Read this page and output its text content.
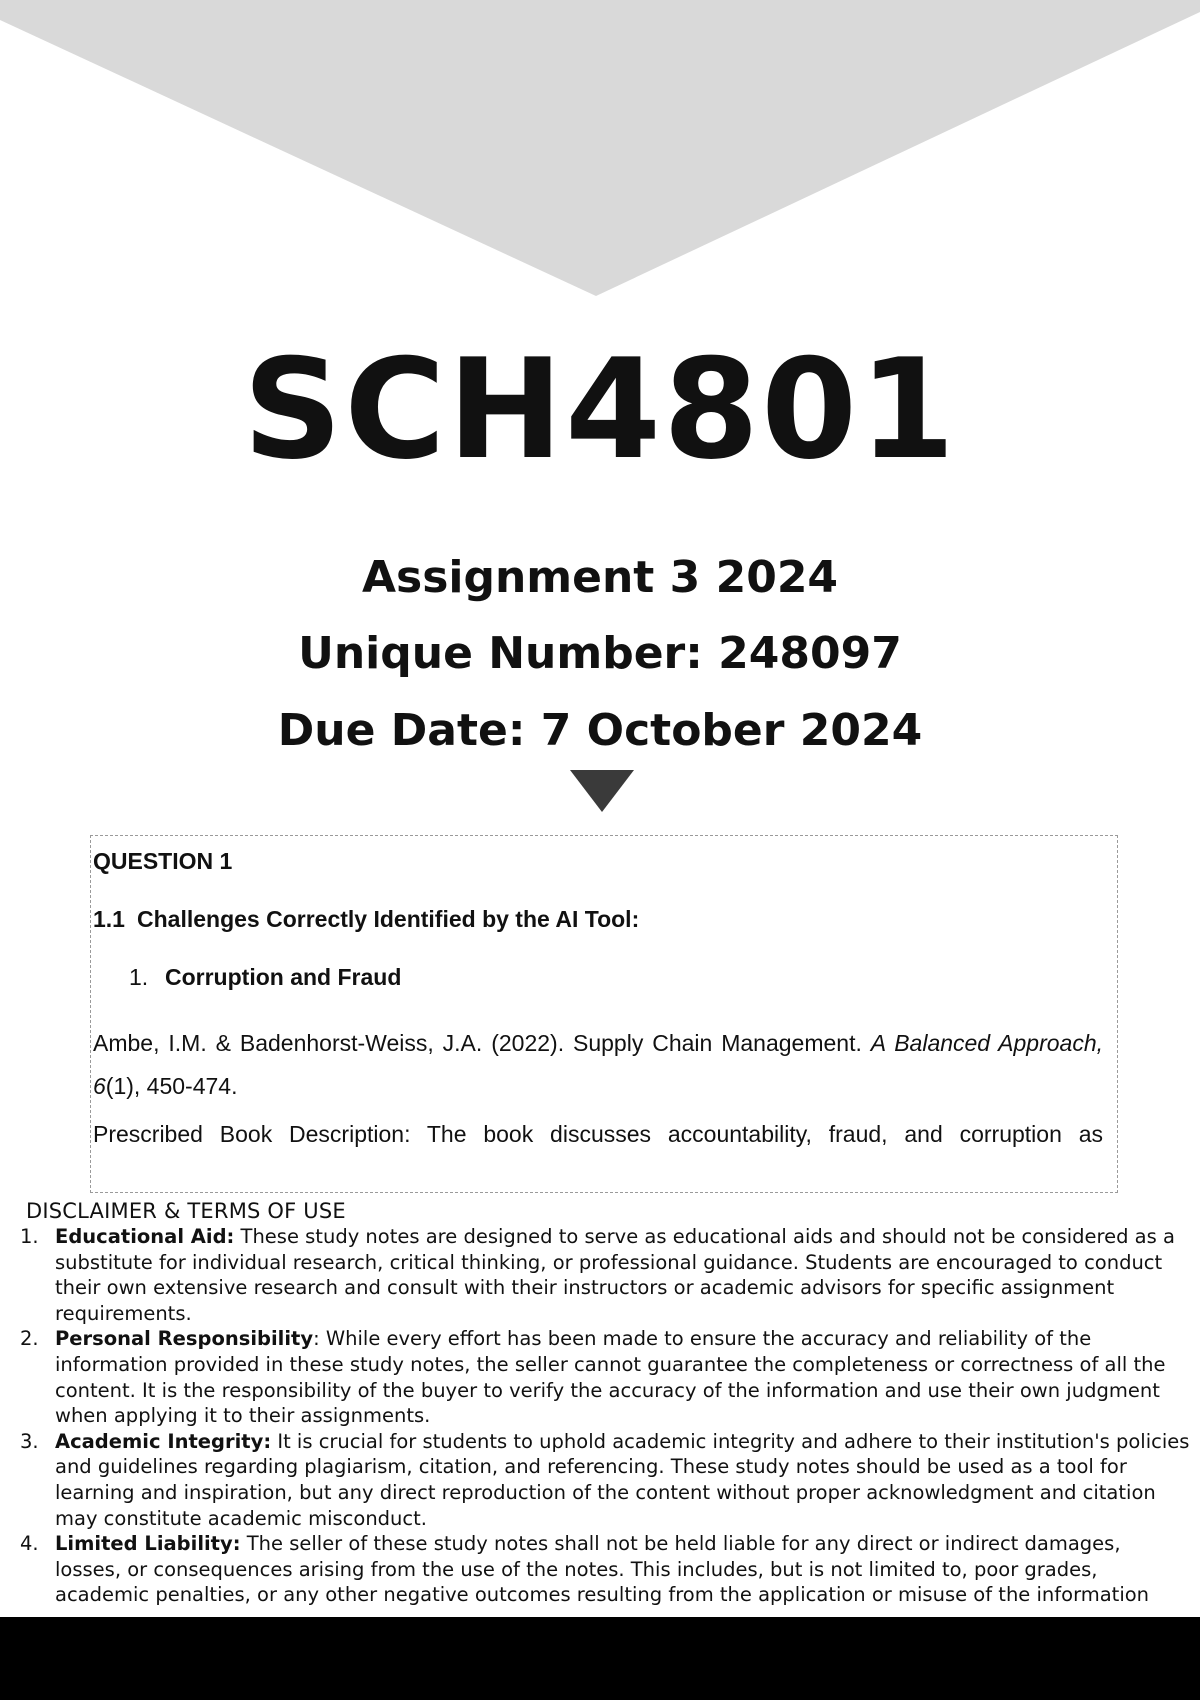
SCH4801
Assignment 3 2024
Unique Number: 248097
Due Date: 7 October 2024
QUESTION 1
1.1 Challenges Correctly Identified by the AI Tool:
1. Corruption and Fraud
Ambe, I.M. & Badenhorst-Weiss, J.A. (2022). Supply Chain Management. A Balanced Approach, 6(1), 450-474.
Prescribed Book Description: The book discusses accountability, fraud, and corruption as
DISCLAIMER & TERMS OF USE
1. Educational Aid: These study notes are designed to serve as educational aids and should not be considered as a substitute for individual research, critical thinking, or professional guidance. Students are encouraged to conduct their own extensive research and consult with their instructors or academic advisors for specific assignment requirements.
2. Personal Responsibility: While every effort has been made to ensure the accuracy and reliability of the information provided in these study notes, the seller cannot guarantee the completeness or correctness of all the content. It is the responsibility of the buyer to verify the accuracy of the information and use their own judgment when applying it to their assignments.
3. Academic Integrity: It is crucial for students to uphold academic integrity and adhere to their institution's policies and guidelines regarding plagiarism, citation, and referencing. These study notes should be used as a tool for learning and inspiration, but any direct reproduction of the content without proper acknowledgment and citation may constitute academic misconduct.
4. Limited Liability: The seller of these study notes shall not be held liable for any direct or indirect damages, losses, or consequences arising from the use of the notes. This includes, but is not limited to, poor grades, academic penalties, or any other negative outcomes resulting from the application or misuse of the information
